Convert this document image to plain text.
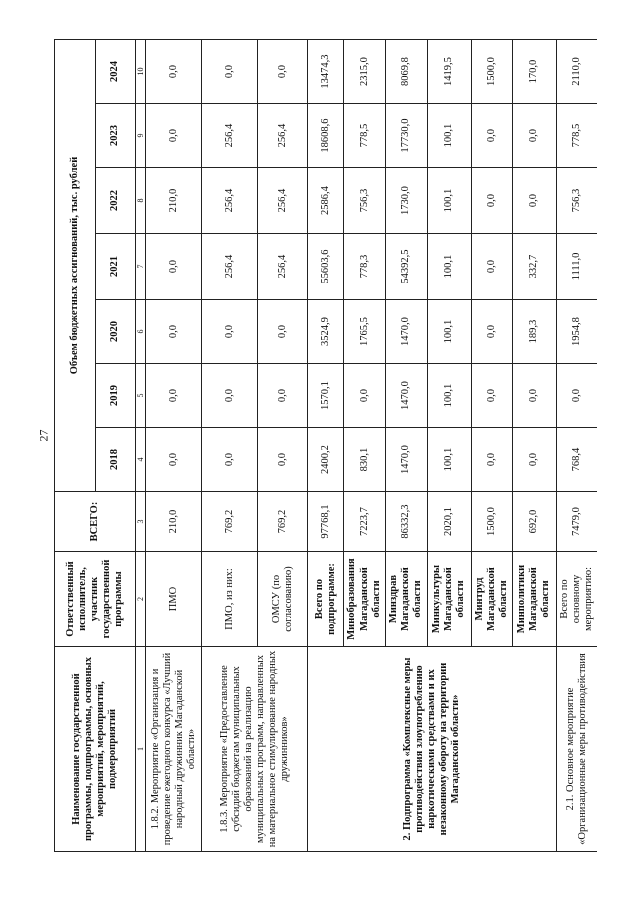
27
Наименование государственной программы, подпрограммы, основных мероприятий, мероприятий, подмероприятий	Ответственный исполнитель, участник государственной программы	ВСЕГО:	Объем бюджетных ассигнований, тыс. рублей						
			2018	2019	2020	2021	2022	2023	2024
1	2	3	4	5	6	7	8	9	10
1.8.2. Мероприятие «Организация и проведение ежегодного конкурса «Лучший народный дружинник Магаданской области»	ПМО	210,0	0,0	0,0	0,0	0,0	210,0	0,0	0,0
1.8.3. Мероприятие «Предоставление субсидий бюджетам муниципальных образований на реализацию муниципальных программ, направленных на материальное стимулирование народных дружинников»	ПМО, из них:	769,2	0,0	0,0	0,0	256,4	256,4	256,4	0,0
	ОМСУ (по согласованию)	769,2	0,0	0,0	0,0	256,4	256,4	256,4	0,0
2. Подпрограмма «Комплексные меры противодействия злоупотреблению наркотическими средствами и их незаконному обороту на территории Магаданской области»	Всего по подпрограмме:	97768,1	2400,2	1570,1	3524,9	55603,6	2586,4	18608,6	13474,3
	Минобразования Магаданской области	7223,7	830,1	0,0	1765,5	778,3	756,3	778,5	2315,0
	Минздрав Магаданской области	86332,3	1470,0	1470,0	1470,0	54392,5	1730,0	17730,0	8069,8
	Минкультуры Магаданской области	2020,1	100,1	100,1	100,1	100,1	100,1	100,1	1419,5
	Минтруд Магаданской области	1500,0	0,0	0,0	0,0	0,0	0,0	0,0	1500,0
	Минполитики Магаданской области	692,0	0,0	0,0	189,3	332,7	0,0	0,0	170,0
2.1. Основное мероприятие «Организационные меры противодействия	Всего по основному мероприятию:	7479,0	768,4	0,0	1954,8	1111,0	756,3	778,5	2110,0
